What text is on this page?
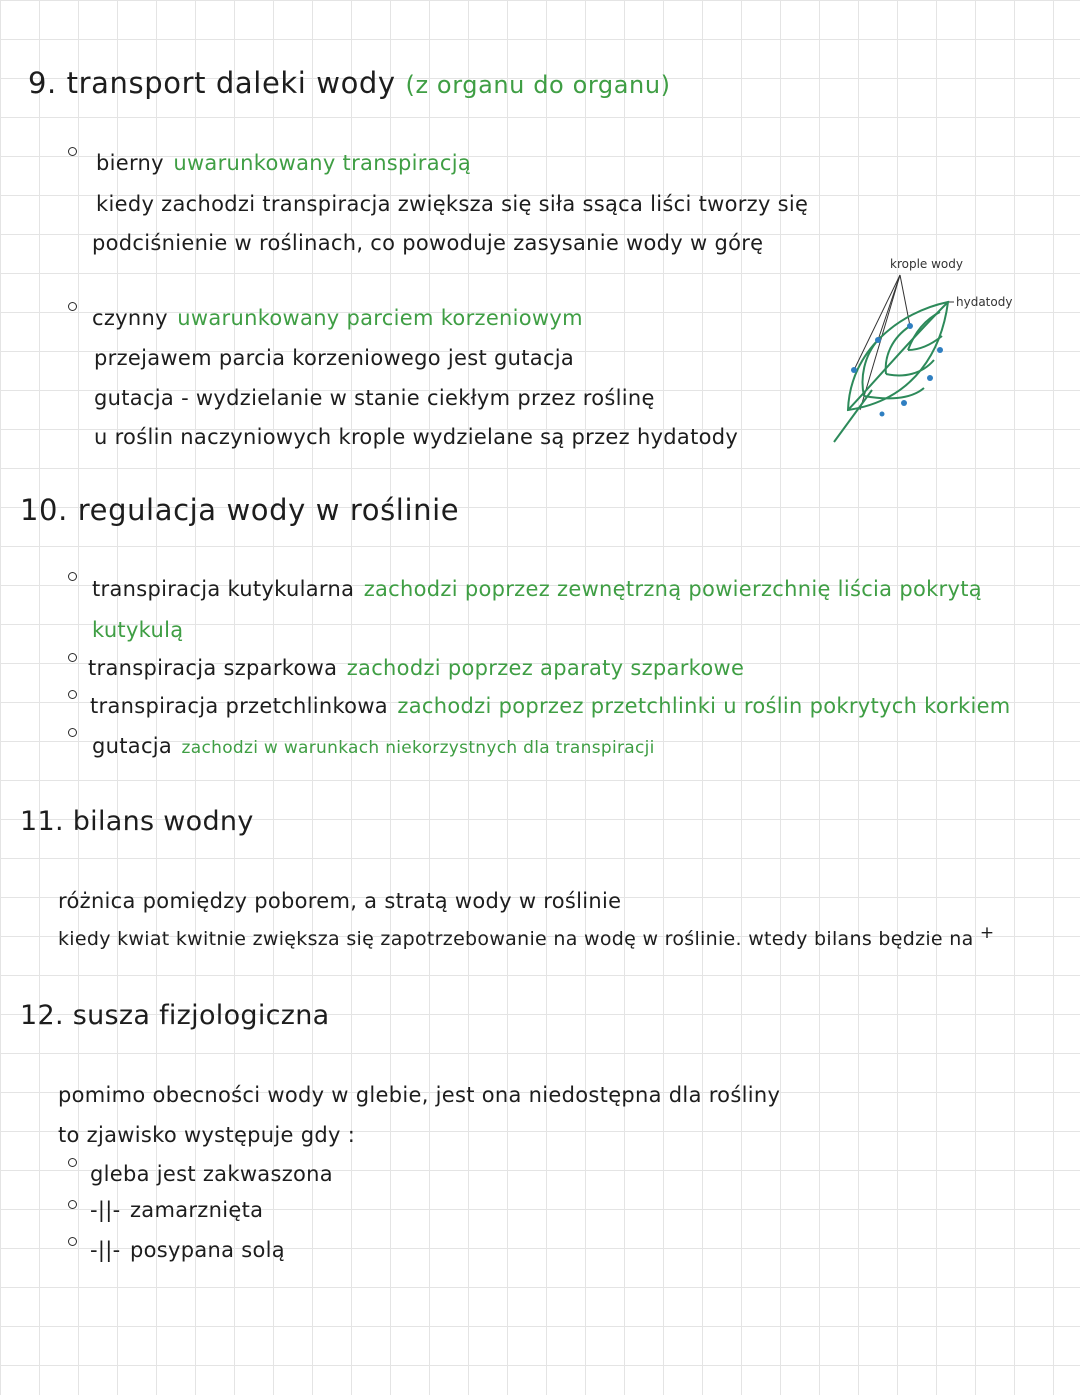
9. transport daleki wody (z organu do organu)
bierny uwarunkowany transpiracją
kiedy zachodzi transpiracja zwiększa się siła ssąca liści tworzy się
podciśnienie w roślinach, co powoduje zasysanie wody w górę
czynny uwarunkowany parciem korzeniowym
przejawem parcia korzeniowego jest gutacja
gutacja - wydzielanie w stanie ciekłym przez roślinę
u roślin naczyniowych krople wydzielane są przez hydatody
krople wody
hydatody
10. regulacja wody w roślinie
transpiracja kutykularna zachodzi poprzez zewnętrzną powierzchnię liścia pokrytą
kutykulą
transpiracja szparkowa zachodzi poprzez aparaty szparkowe
transpiracja przetchlinkowa zachodzi poprzez przetchlinki u roślin pokrytych korkiem
gutacja zachodzi w warunkach niekorzystnych dla transpiracji
11. bilans wodny
różnica pomiędzy poborem, a stratą wody w roślinie
kiedy kwiat kwitnie zwiększa się zapotrzebowanie na wodę w roślinie. wtedy bilans będzie na +
12. susza fizjologiczna
pomimo obecności wody w glebie, jest ona niedostępna dla rośliny
to zjawisko występuje gdy :
gleba jest zakwaszona
-||- zamarznięta
-||- posypana solą
